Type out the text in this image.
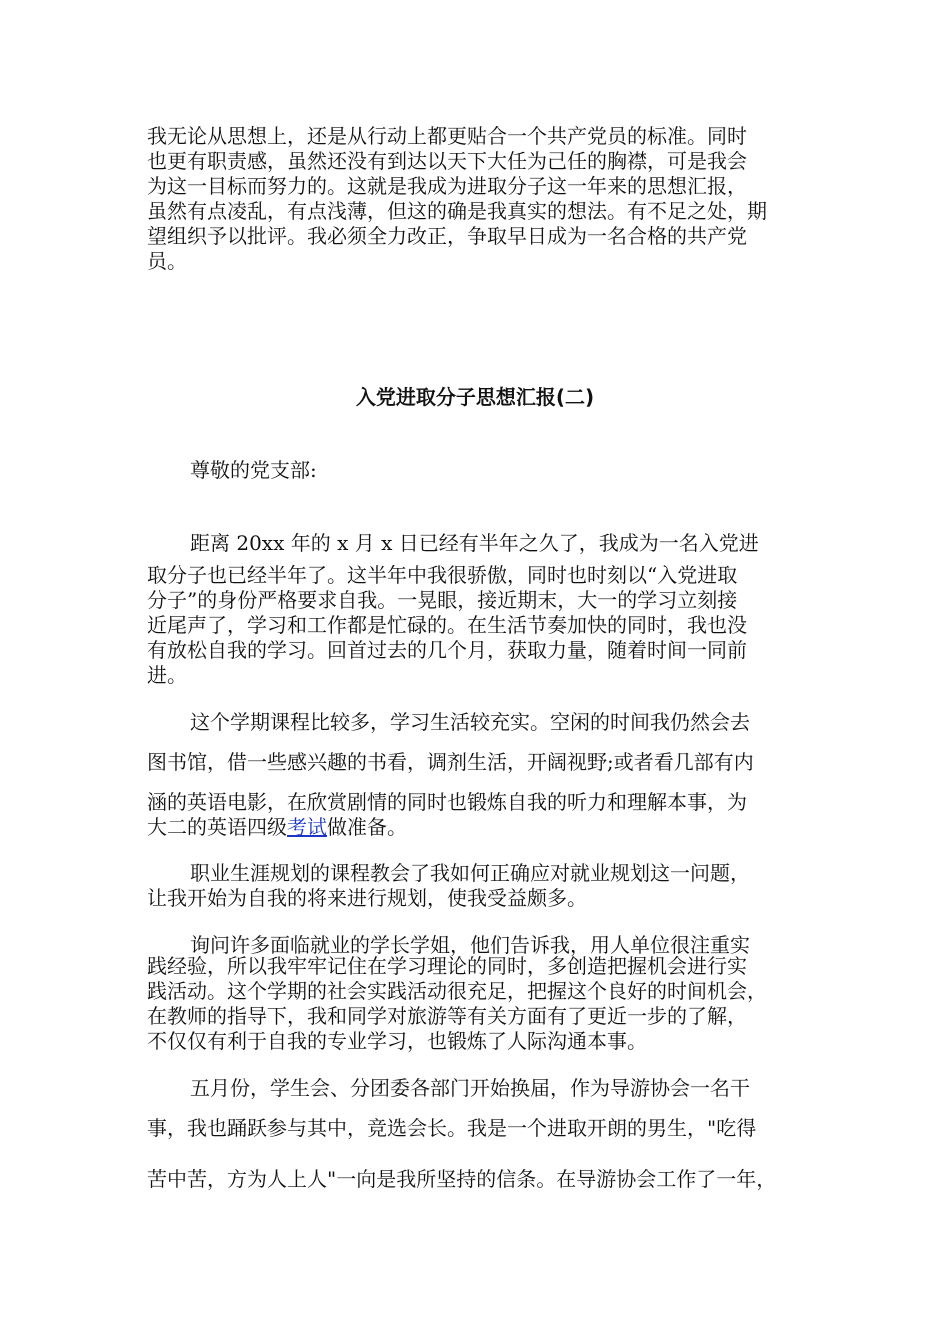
我无论从思想上，还是从行动上都更贴合一个共产党员的标准。同时
也更有职责感，虽然还没有到达以天下大任为己任的胸襟，可是我会
为这一目标而努力的。这就是我成为进取分子这一年来的思想汇报，
虽然有点凌乱，有点浅薄，但这的确是我真实的想法。有不足之处，期
望组织予以批评。我必须全力改正，争取早日成为一名合格的共产党
员。
入党进取分子思想汇报(二)

尊敬的党支部:

距离 20xx 年的 x 月 x 日已经有半年之久了，我成为一名入党进

取分子也已经半年了。这半年中我很骄傲，同时也时刻以“入党进取
分子”的身份严格要求自我。一晃眼，接近期末，大一的学习立刻接
近尾声了，学习和工作都是忙碌的。在生活节奏加快的同时，我也没
有放松自我的学习。回首过去的几个月，获取力量，随着时间一同前
进。

这个学期课程比较多，学习生活较充实。空闲的时间我仍然会去

图书馆，借一些感兴趣的书看，调剂生活，开阔视野;或者看几部有内

涵的英语电影，在欣赏剧情的同时也锻炼自我的听力和理解本事，为

大二的英语四级考试做准备。

职业生涯规划的课程教会了我如何正确应对就业规划这一问题，

让我开始为自我的将来进行规划，使我受益颇多。

询问许多面临就业的学长学姐，他们告诉我，用人单位很注重实

践经验，所以我牢牢记住在学习理论的同时，多创造把握机会进行实
践活动。这个学期的社会实践活动很充足，把握这个良好的时间机会，
在教师的指导下，我和同学对旅游等有关方面有了更近一步的了解，
不仅仅有利于自我的专业学习，也锻炼了人际沟通本事。

五月份，学生会、分团委各部门开始换届，作为导游协会一名干

事，我也踊跃参与其中，竞选会长。我是一个进取开朗的男生，"吃得

苦中苦，方为人上人"一向是我所坚持的信条。在导游协会工作了一年，
